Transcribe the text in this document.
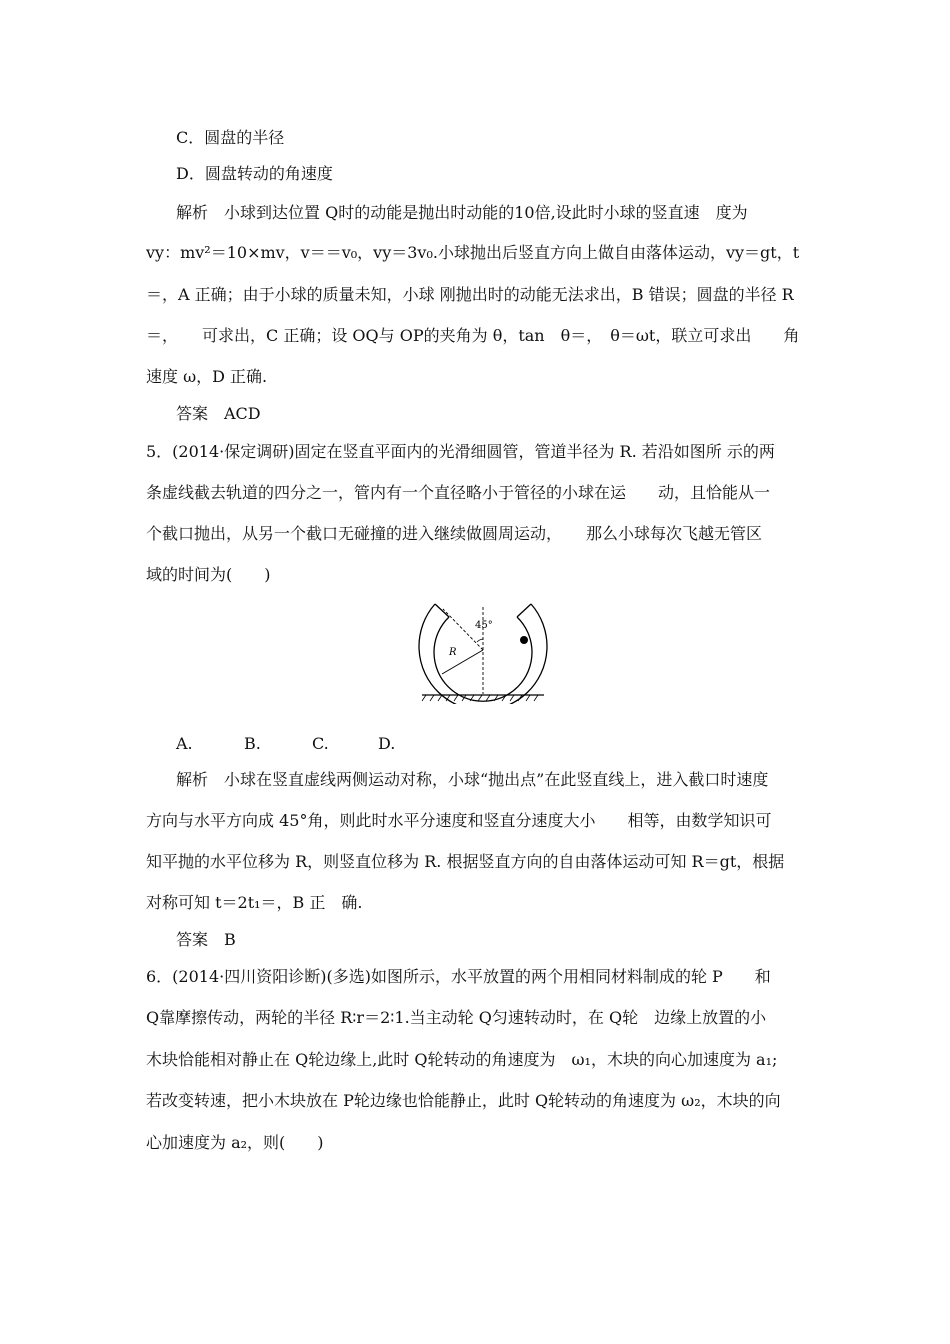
C．圆盘的半径
D．圆盘转动的角速度
解析　小球到达位置 Q时的动能是抛出时动能的10倍,设此时小球的竖直速　度为
vy：mv²＝10×mv，v＝＝v₀，vy＝3v₀.小球抛出后竖直方向上做自由落体运动，vy＝gt，t
＝，A 正确；由于小球的质量未知，小球 刚抛出时的动能无法求出，B 错误；圆盘的半径 R
＝，　　可求出，C 正确；设 OQ与 OP的夹角为 θ，tan　θ＝，　θ＝ωt，联立可求出　　角
速度 ω，D 正确.
答案　ACD
5．(2014·保定调研)固定在竖直平面内的光滑细圆管，管道半径为 R. 若沿如图所 示的两
条虚线截去轨道的四分之一，管内有一个直径略小于管径的小球在运　　动，且恰能从一
个截口抛出，从另一个截口无碰撞的进入继续做圆周运动，　　那么小球每次飞越无管区
域的时间为(　　)
45°
R
A.	B.	C.	D.
解析　小球在竖直虚线两侧运动对称，小球“抛出点”在此竖直线上，进入截口时速度
方向与水平方向成 45°角，则此时水平分速度和竖直分速度大小　　相等，由数学知识可
知平抛的水平位移为 R，则竖直位移为 R. 根据竖直方向的自由落体运动可知 R＝gt，根据
对称可知 t＝2t₁＝，B 正　确.
答案　B
6．(2014·四川资阳诊断)(多选)如图所示，水平放置的两个用相同材料制成的轮 P　　和
Q靠摩擦传动，两轮的半径 R∶r＝2∶1.当主动轮 Q匀速转动时，在 Q轮　边缘上放置的小
木块恰能相对静止在 Q轮边缘上,此时 Q轮转动的角速度为　ω₁，木块的向心加速度为 a₁;
若改变转速，把小木块放在 P轮边缘也恰能静止，此时 Q轮转动的角速度为 ω₂，木块的向
心加速度为 a₂，则(　　)
